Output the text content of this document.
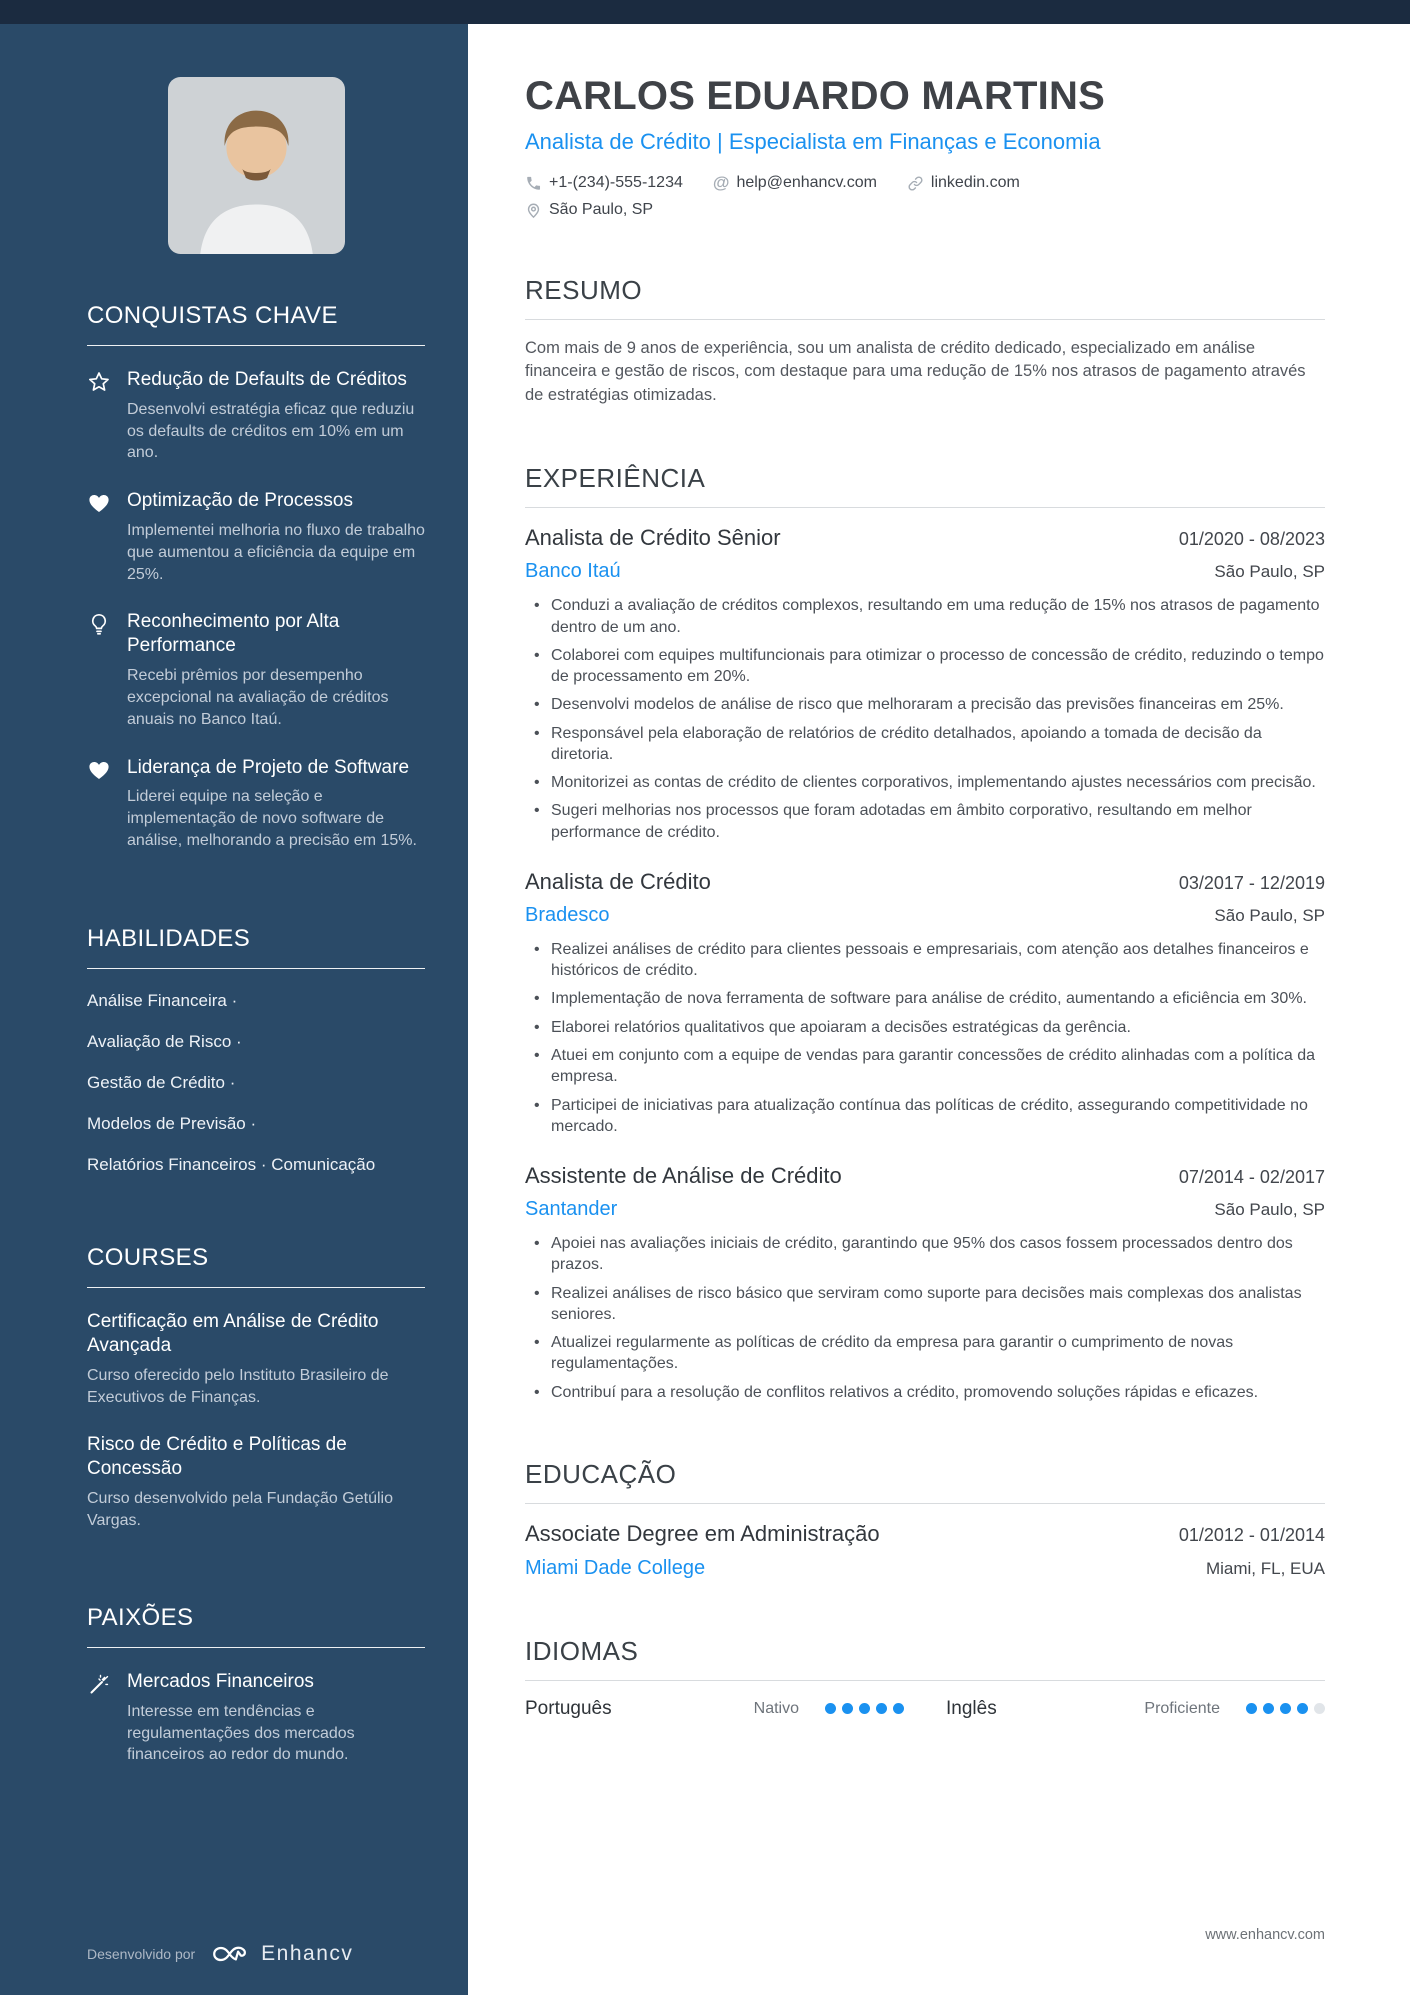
CONQUISTAS CHAVE
Redução de Defaults de Créditos
Desenvolvi estratégia eficaz que reduziu os defaults de créditos em 10% em um ano.
Optimização de Processos
Implementei melhoria no fluxo de trabalho que aumentou a eficiência da equipe em 25%.
Reconhecimento por Alta Performance
Recebi prêmios por desempenho excepcional na avaliação de créditos anuais no Banco Itaú.
Liderança de Projeto de Software
Liderei equipe na seleção e implementação de novo software de análise, melhorando a precisão em 15%.
HABILIDADES
Análise Financeira ·
Avaliação de Risco ·
Gestão de Crédito ·
Modelos de Previsão ·
Relatórios Financeiros · Comunicação
COURSES
Certificação em Análise de Crédito Avançada
Curso oferecido pelo Instituto Brasileiro de Executivos de Finanças.
Risco de Crédito e Políticas de Concessão
Curso desenvolvido pela Fundação Getúlio Vargas.
PAIXÕES
Mercados Financeiros
Interesse em tendências e regulamentações dos mercados financeiros ao redor do mundo.
Desenvolvido por	Enhancv
CARLOS EDUARDO MARTINS
Analista de Crédito | Especialista em Finanças e Economia
+1-(234)-555-1234 @ help@enhancv.com	linkedin.com
São Paulo, SP
RESUMO

Com mais de 9 anos de experiência, sou um analista de crédito dedicado, especializado em análise financeira e gestão de riscos, com destaque para uma redução de 15% nos atrasos de pagamento através de estratégias otimizadas.

EXPERIÊNCIA
Analista de Crédito Sênior	01/2020 - 08/2023
Banco Itaú	São Paulo, SP
• Conduzi a avaliação de créditos complexos, resultando em uma redução de 15% nos atrasos de pagamento dentro de um ano.
• Colaborei com equipes multifuncionais para otimizar o processo de concessão de crédito, reduzindo o tempo de processamento em 20%.
• Desenvolvi modelos de análise de risco que melhoraram a precisão das previsões financeiras em 25%.
• Responsável pela elaboração de relatórios de crédito detalhados, apoiando a tomada de decisão da diretoria.
• Monitorizei as contas de crédito de clientes corporativos, implementando ajustes necessários com precisão.
• Sugeri melhorias nos processos que foram adotadas em âmbito corporativo, resultando em melhor performance de crédito.
Analista de Crédito	03/2017 - 12/2019
Bradesco	São Paulo, SP
• Realizei análises de crédito para clientes pessoais e empresariais, com atenção aos detalhes financeiros e históricos de crédito.
• Implementação de nova ferramenta de software para análise de crédito, aumentando a eficiência em 30%.
• Elaborei relatórios qualitativos que apoiaram a decisões estratégicas da gerência.
• Atuei em conjunto com a equipe de vendas para garantir concessões de crédito alinhadas com a política da empresa.
• Participei de iniciativas para atualização contínua das políticas de crédito, assegurando competitividade no mercado.
Assistente de Análise de Crédito	07/2014 - 02/2017
Santander	São Paulo, SP
• Apoiei nas avaliações iniciais de crédito, garantindo que 95% dos casos fossem processados dentro dos prazos.
• Realizei análises de risco básico que serviram como suporte para decisões mais complexas dos analistas seniores.
• Atualizei regularmente as políticas de crédito da empresa para garantir o cumprimento de novas regulamentações.
• Contribuí para a resolução de conflitos relativos a crédito, promovendo soluções rápidas e eficazes.
EDUCAÇÃO
Associate Degree em Administração	01/2012 - 01/2014
Miami Dade College	Miami, FL, EUA
IDIOMAS
Português	Nativo	Inglês	Proficiente
www.enhancv.com
